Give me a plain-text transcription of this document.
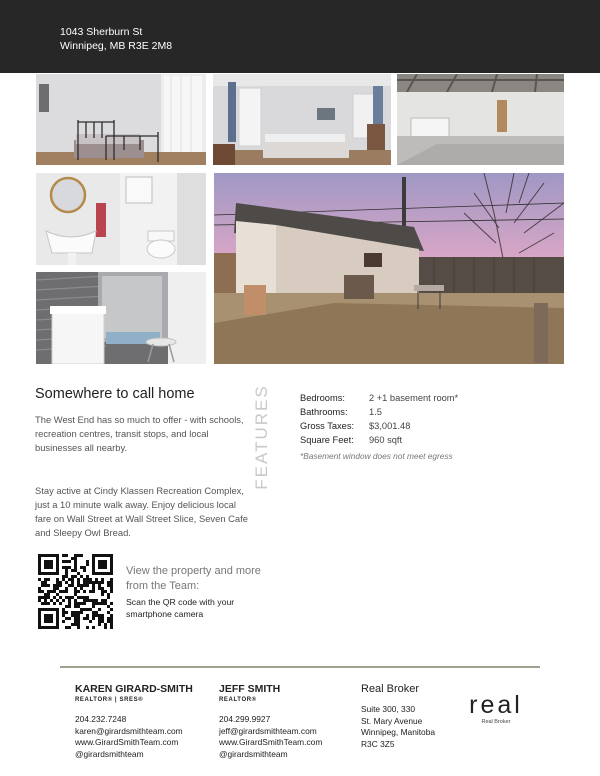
1043 Sherburn St
Winnipeg, MB R3E 2M8
Somewhere to call home
The West End has so much to offer - with schools, recreation centres, transit stops, and local businesses all nearby.
Stay active at Cindy Klassen Recreation Complex, just a 10 minute walk away. Enjoy delicious local fare on Wall Street at Wall Street Slice, Seven Cafe and Sleepy Owl Bread.
FEATURES	Bedrooms:	2 +1 basement room*
Bathrooms: 1.5
Gross Taxes: $3,001.48
Square Feet: 960 sqft
*Basement window does not meet egress
View the property and more from the Team:
Scan the QR code with your smartphone camera
KAREN GIRARD-SMITH
REALTOR® | SRES®
204.232.7248
karen@girardsmithteam.com
www.GirardSmithTeam.com
@girardsmithteam
JEFF SMITH
REALTOR®
204.299.9927
jeff@girardsmithteam.com
www.GirardSmithTeam.com
@girardsmithteam
Real Broker
Suite 300, 330
St. Mary Avenue
Winnipeg, Manitoba
R3C 3Z5
real
Real Broker
